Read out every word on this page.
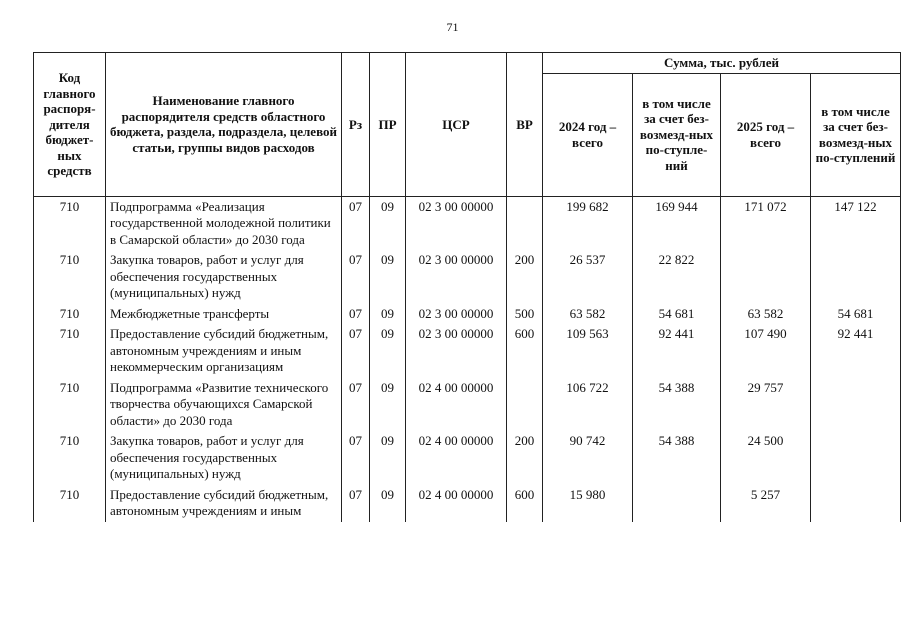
71
Код главного распоря-дителя бюджет-ных средств	Наименование главного распорядителя средств областного бюджета, раздела, подраздела, целевой статьи, группы видов расходов	Рз	ПР	ЦСР	ВР	Сумма, тыс. рублей			
						2024 год – всего	в том числе за счет без-возмезд-ных по-ступле-ний	2025 год – всего	в том числе за счет без-возмезд-ных по-ступлений
710	Подпрограмма «Реализация государственной молодежной политики в Самарской области» до 2030 года	07	09	02 3 00 00000		199 682	169 944	171 072	147 122
710	Закупка товаров, работ и услуг для обеспечения государственных (муниципальных) нужд	07	09	02 3 00 00000	200	26 537	22 822		
710	Межбюджетные трансферты	07	09	02 3 00 00000	500	63 582	54 681	63 582	54 681
710	Предоставление субсидий бюджетным, автономным учреждениям и иным некоммерческим организациям	07	09	02 3 00 00000	600	109 563	92 441	107 490	92 441
710	Подпрограмма «Развитие технического творчества обучающихся Самарской области» до 2030 года	07	09	02 4 00 00000		106 722	54 388	29 757	
710	Закупка товаров, работ и услуг для обеспечения государственных (муниципальных) нужд	07	09	02 4 00 00000	200	90 742	54 388	24 500	
710	Предоставление субсидий бюджетным, автономным учреждениям и иным	07	09	02 4 00 00000	600	15 980		5 257	
